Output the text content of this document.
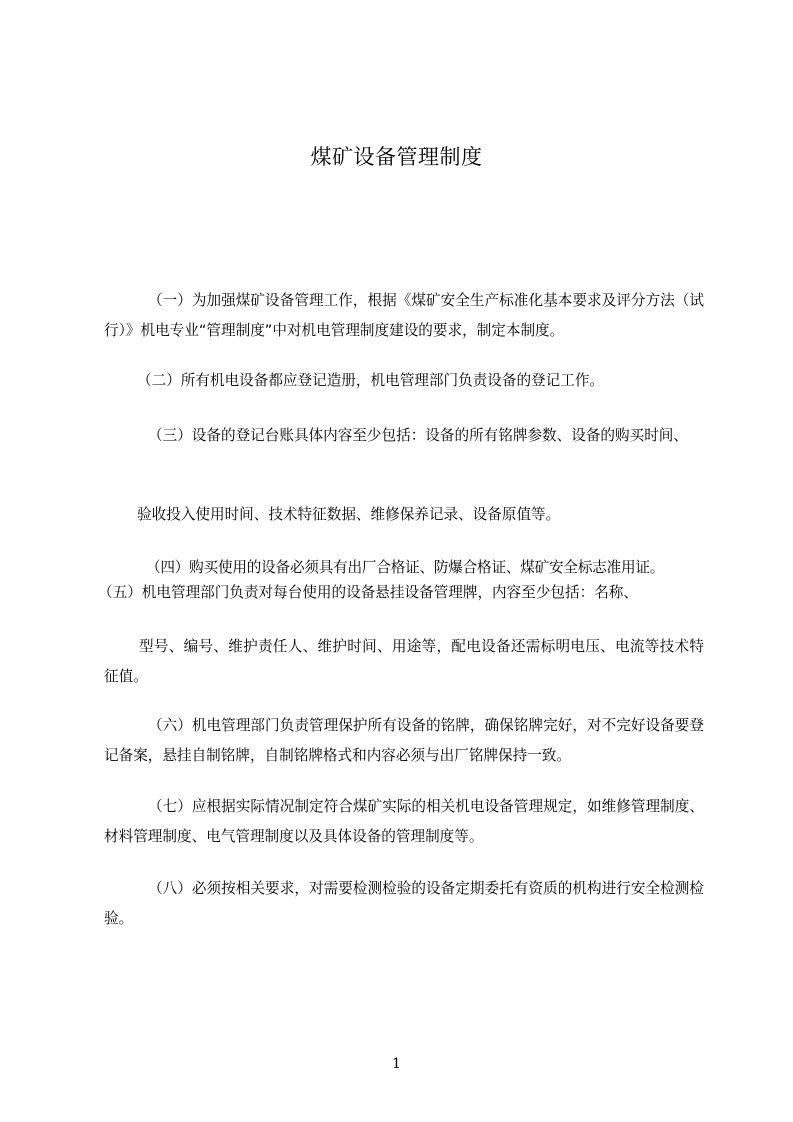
煤矿设备管理制度

（一）为加强煤矿设备管理工作，根据《煤矿安全生产标准化基本要求及评分方法（试行）》机电专业“管理制度”中对机电管理制度建设的要求，制定本制度。

（二）所有机电设备都应登记造册，机电管理部门负责设备的登记工作。

（三）设备的登记台账具体内容至少包括：设备的所有铭牌参数、设备的购买时间、

验收投入使用时间、技术特征数据、维修保养记录、设备原值等。

（四）购买使用的设备必须具有出厂合格证、防爆合格证、煤矿安全标志准用证。

（五）机电管理部门负责对每台使用的设备悬挂设备管理牌，内容至少包括：名称、

型号、编号、维护责任人、维护时间、用途等，配电设备还需标明电压、电流等技术特征值。

（六）机电管理部门负责管理保护所有设备的铭牌，确保铭牌完好，对不完好设备要登记备案，悬挂自制铭牌，自制铭牌格式和内容必须与出厂铭牌保持一致。

（七）应根据实际情况制定符合煤矿实际的相关机电设备管理规定，如维修管理制度、材料管理制度、电气管理制度以及具体设备的管理制度等。

（八）必须按相关要求，对需要检测检验的设备定期委托有资质的机构进行安全检测检验。

1
